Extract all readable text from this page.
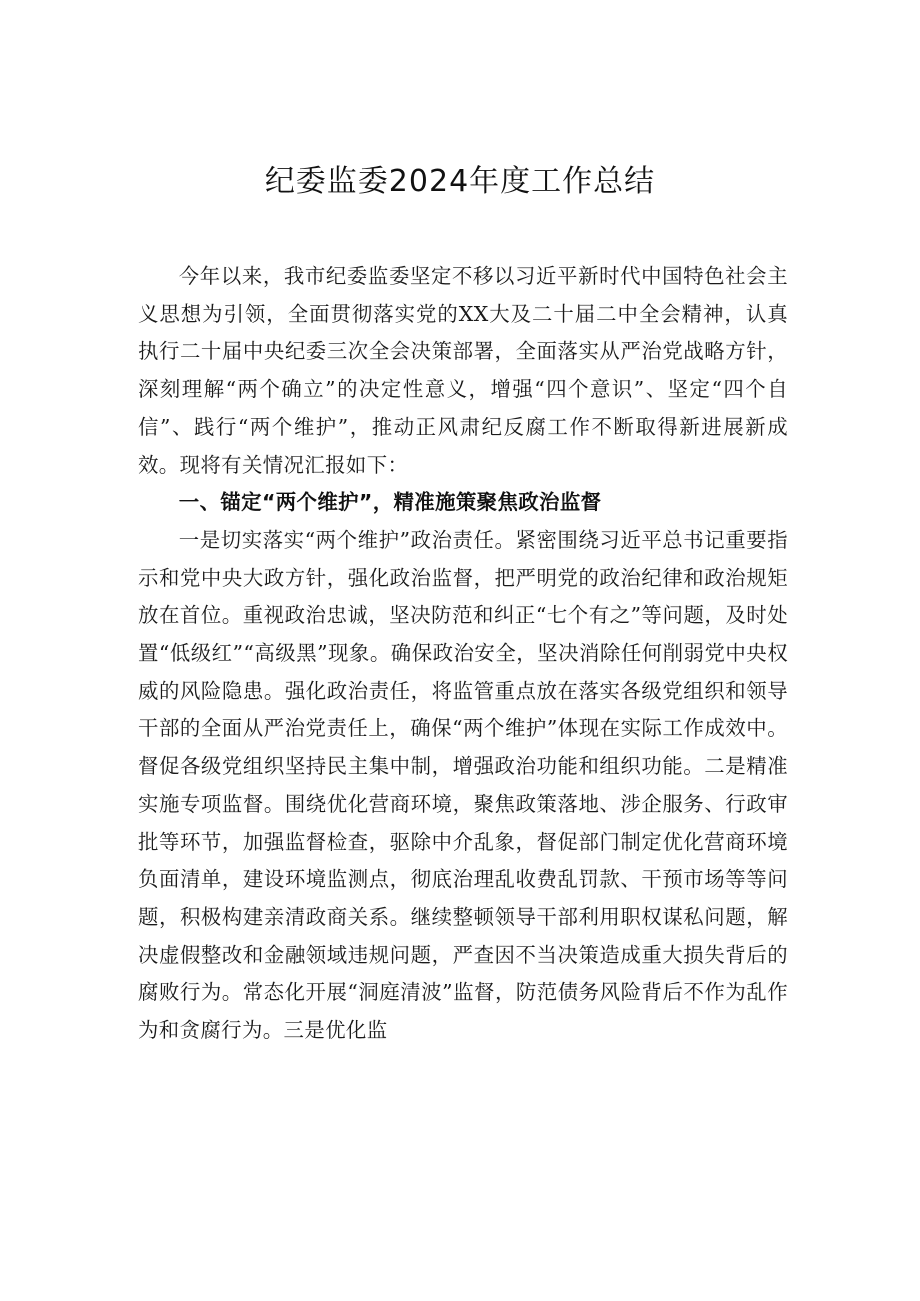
纪委监委2024年度工作总结

今年以来，我市纪委监委坚定不移以习近平新时代中国特色社会主义思想为引领，全面贯彻落实党的XX大及二十届二中全会精神，认真执行二十届中央纪委三次全会决策部署，全面落实从严治党战略方针，深刻理解“两个确立”的决定性意义，增强“四个意识”、坚定“四个自信”、践行“两个维护”，推动正风肃纪反腐工作不断取得新进展新成效。现将有关情况汇报如下：

一、锚定“两个维护”，精准施策聚焦政治监督

一是切实落实“两个维护”政治责任。紧密围绕习近平总书记重要指示和党中央大政方针，强化政治监督，把严明党的政治纪律和政治规矩放在首位。重视政治忠诚，坚决防范和纠正“七个有之”等问题，及时处置“低级红”“高级黑”现象。确保政治安全，坚决消除任何削弱党中央权威的风险隐患。强化政治责任，将监管重点放在落实各级党组织和领导干部的全面从严治党责任上，确保“两个维护”体现在实际工作成效中。督促各级党组织坚持民主集中制，增强政治功能和组织功能。二是精准实施专项监督。围绕优化营商环境，聚焦政策落地、涉企服务、行政审批等环节，加强监督检查，驱除中介乱象，督促部门制定优化营商环境负面清单，建设环境监测点，彻底治理乱收费乱罚款、干预市场等等问题，积极构建亲清政商关系。继续整顿领导干部利用职权谋私问题，解决虚假整改和金融领域违规问题，严查因不当决策造成重大损失背后的腐败行为。常态化开展“洞庭清波”监督，防范债务风险背后不作为乱作为和贪腐行为。三是优化监
